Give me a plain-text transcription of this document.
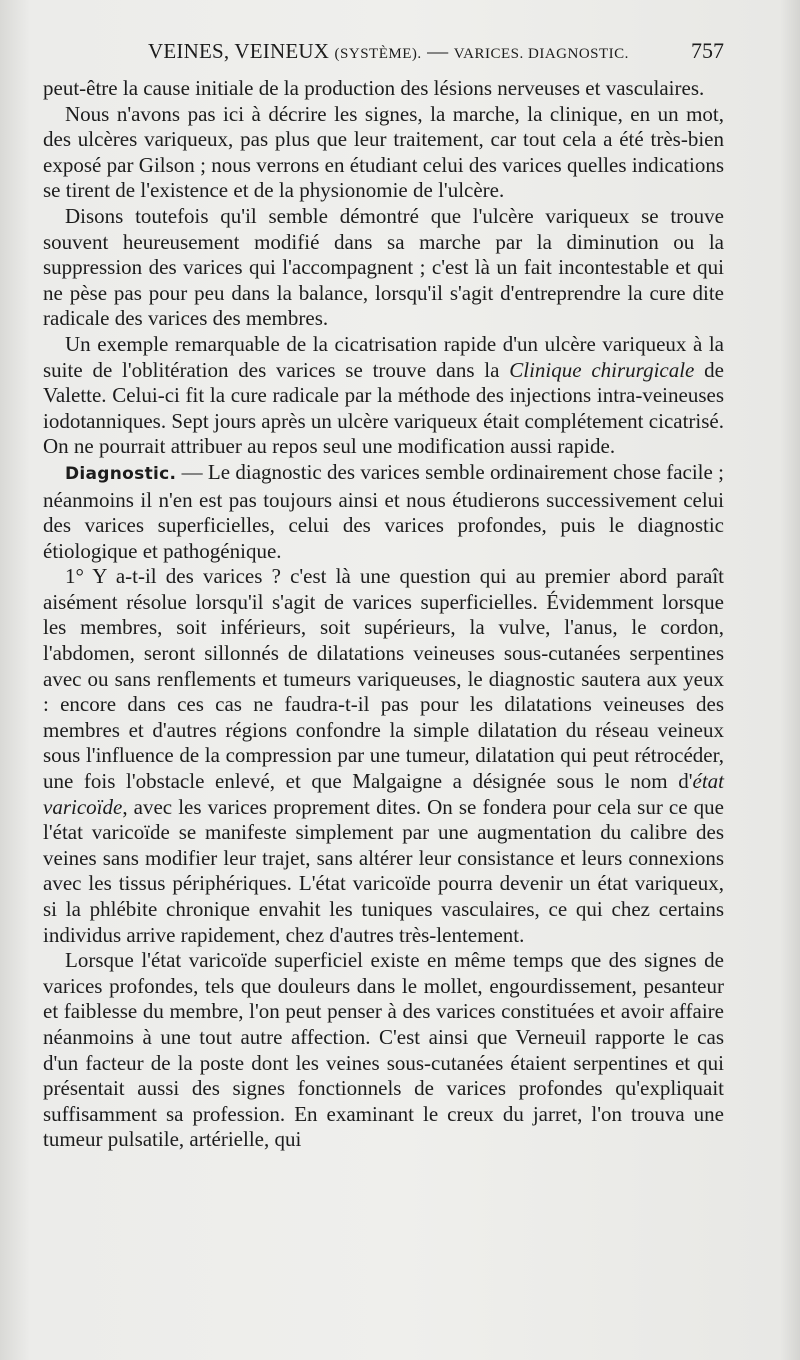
VEINES, VEINEUX (SYSTÈME). — VARICES. DIAGNOSTIC.	757

peut-être la cause initiale de la production des lésions nerveuses et vasculaires.

Nous n'avons pas ici à décrire les signes, la marche, la clinique, en un mot, des ulcères variqueux, pas plus que leur traitement, car tout cela a été très-bien exposé par Gilson ; nous verrons en étudiant celui des varices quelles indications se tirent de l'existence et de la physionomie de l'ulcère.

Disons toutefois qu'il semble démontré que l'ulcère variqueux se trouve souvent heureusement modifié dans sa marche par la diminution ou la suppression des varices qui l'accompagnent ; c'est là un fait incontestable et qui ne pèse pas pour peu dans la balance, lorsqu'il s'agit d'entreprendre la cure dite radicale des varices des membres.

Un exemple remarquable de la cicatrisation rapide d'un ulcère variqueux à la suite de l'oblitération des varices se trouve dans la Clinique chirurgicale de Valette. Celui-ci fit la cure radicale par la méthode des injections intra-veineuses iodotanniques. Sept jours après un ulcère variqueux était complétement cicatrisé. On ne pourrait attribuer au repos seul une modification aussi rapide.

Diagnostic. — Le diagnostic des varices semble ordinairement chose facile ; néanmoins il n'en est pas toujours ainsi et nous étudierons successivement celui des varices superficielles, celui des varices profondes, puis le diagnostic étiologique et pathogénique.

1° Y a-t-il des varices ? c'est là une question qui au premier abord paraît aisément résolue lorsqu'il s'agit de varices superficielles. Évidemment lorsque les membres, soit inférieurs, soit supérieurs, la vulve, l'anus, le cordon, l'abdomen, seront sillonnés de dilatations veineuses sous-cutanées serpentines avec ou sans renflements et tumeurs variqueuses, le diagnostic sautera aux yeux : encore dans ces cas ne faudra-t-il pas pour les dilatations veineuses des membres et d'autres régions confondre la simple dilatation du réseau veineux sous l'influence de la compression par une tumeur, dilatation qui peut rétrocéder, une fois l'obstacle enlevé, et que Malgaigne a désignée sous le nom d'état varicoïde, avec les varices proprement dites. On se fondera pour cela sur ce que l'état varicoïde se manifeste simplement par une augmentation du calibre des veines sans modifier leur trajet, sans altérer leur consistance et leurs connexions avec les tissus périphériques. L'état varicoïde pourra devenir un état variqueux, si la phlébite chronique envahit les tuniques vasculaires, ce qui chez certains individus arrive rapidement, chez d'autres très-lentement.

Lorsque l'état varicoïde superficiel existe en même temps que des signes de varices profondes, tels que douleurs dans le mollet, engourdissement, pesanteur et faiblesse du membre, l'on peut penser à des varices constituées et avoir affaire néanmoins à une tout autre affection. C'est ainsi que Verneuil rapporte le cas d'un facteur de la poste dont les veines sous-cutanées étaient serpentines et qui présentait aussi des signes fonctionnels de varices profondes qu'expliquait suffisamment sa profession. En examinant le creux du jarret, l'on trouva une tumeur pulsatile, artérielle, qui
